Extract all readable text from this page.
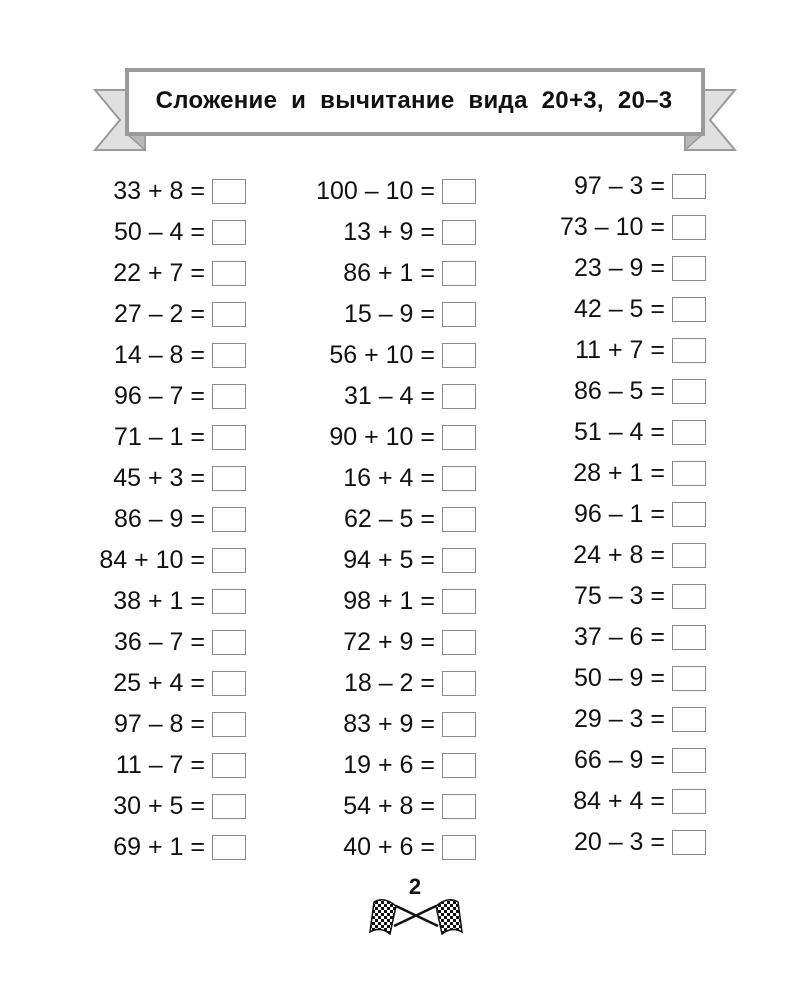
Сложение  и  вычитание  вида  20+3,  20–3
33 + 8 =
50 – 4 =
22 + 7 =
27 – 2 =
14 – 8 =
96 – 7 =
71 – 1 =
45 + 3 =
86 – 9 =
84 + 10 =
38 + 1 =
36 – 7 =
25 + 4 =
97 – 8 =
11 – 7 =
30 + 5 =
69 + 1 =
100 – 10 =
13 + 9 =
86 + 1 =
15 – 9 =
56 + 10 =
31 – 4 =
90 + 10 =
16 + 4 =
62 – 5 =
94 + 5 =
98 + 1 =
72 + 9 =
18 – 2 =
83 + 9 =
19 + 6 =
54 + 8 =
40 + 6 =
97 – 3 =
73 – 10 =
23 – 9 =
42 – 5 =
11 + 7 =
86 – 5 =
51 – 4 =
28 + 1 =
96 – 1 =
24 + 8 =
75 – 3 =
37 – 6 =
50 – 9 =
29 – 3 =
66 – 9 =
84 + 4 =
20 – 3 =
2
